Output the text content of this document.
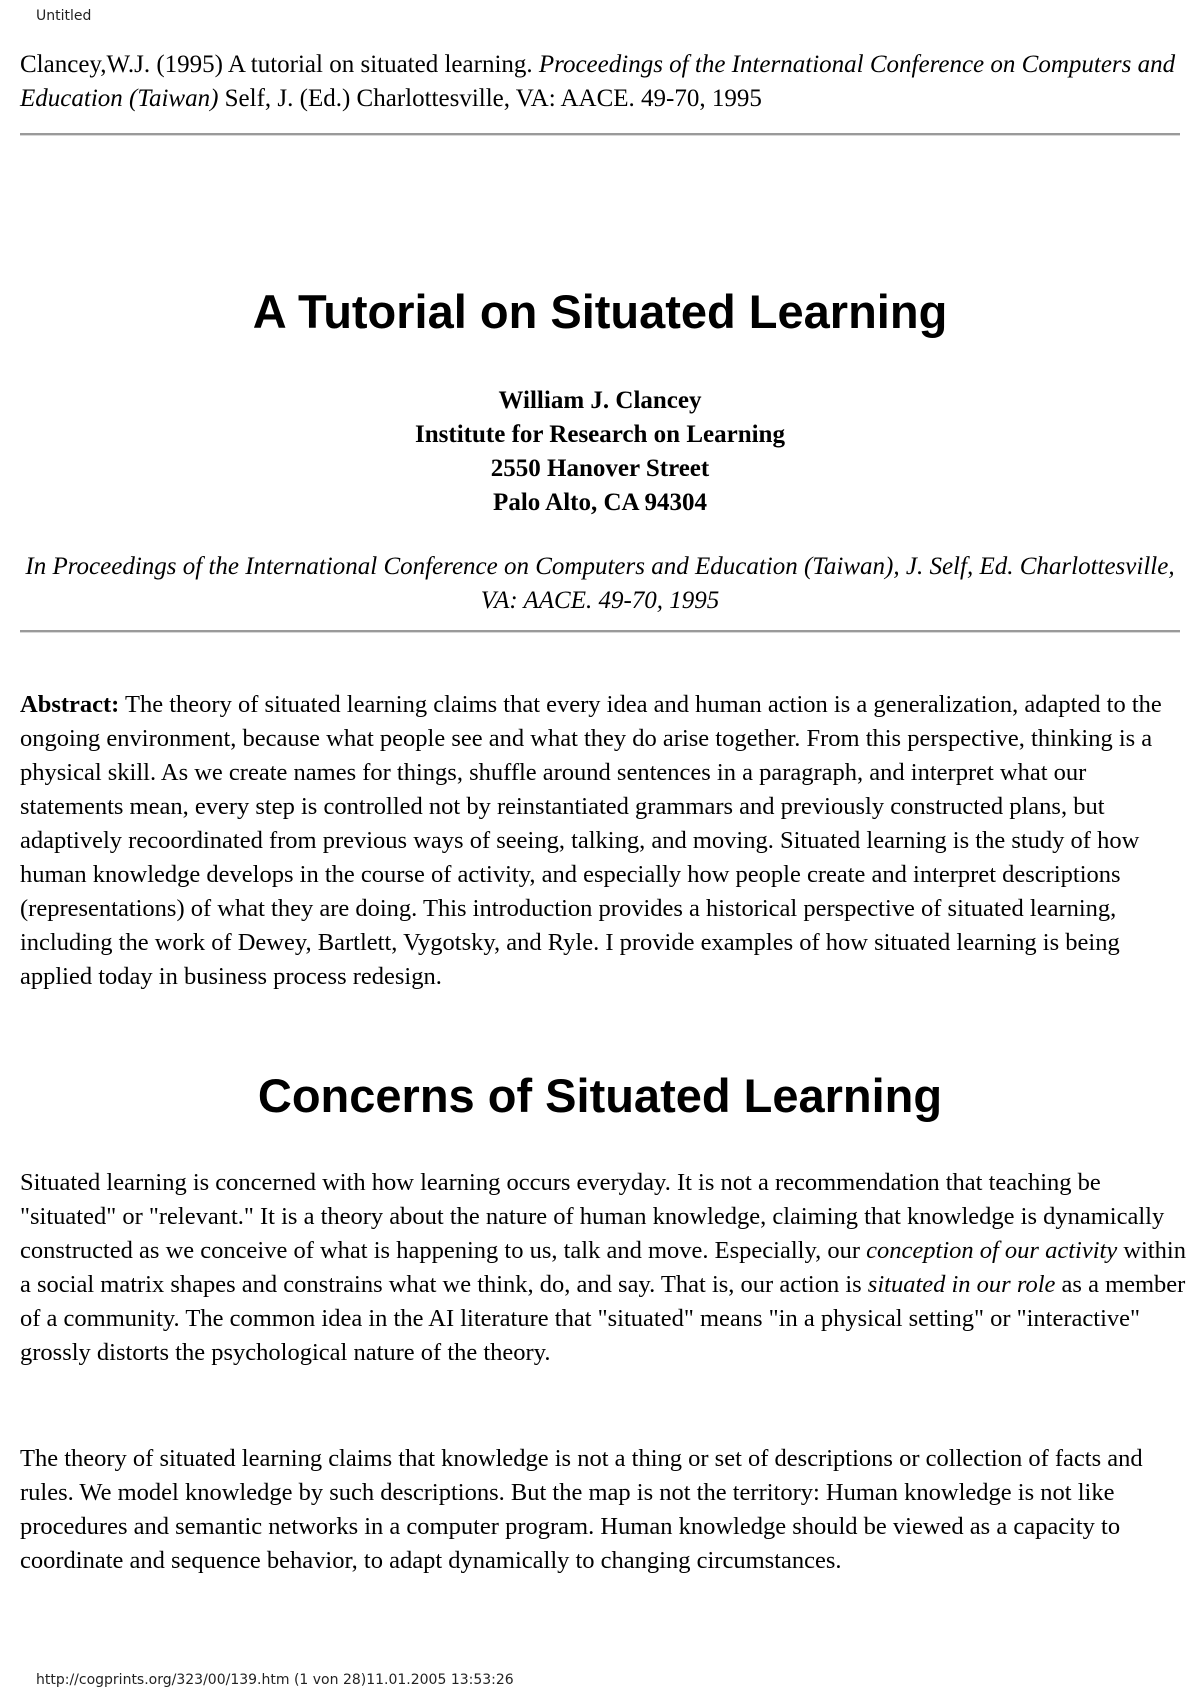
Untitled
Clancey,W.J. (1995) A tutorial on situated learning. Proceedings of the International Conference on Computers and Education (Taiwan) Self, J. (Ed.) Charlottesville, VA: AACE. 49-70, 1995
A Tutorial on Situated Learning
William J. Clancey
Institute for Research on Learning
2550 Hanover Street
Palo Alto, CA 94304
In Proceedings of the International Conference on Computers and Education (Taiwan), J. Self, Ed. Charlottesville, VA: AACE. 49-70, 1995

Abstract: The theory of situated learning claims that every idea and human action is a generalization, adapted to the ongoing environment, because what people see and what they do arise together. From this perspective, thinking is a physical skill. As we create names for things, shuffle around sentences in a paragraph, and interpret what our statements mean, every step is controlled not by reinstantiated grammars and previously constructed plans, but adaptively recoordinated from previous ways of seeing, talking, and moving. Situated learning is the study of how human knowledge develops in the course of activity, and especially how people create and interpret descriptions (representations) of what they are doing. This introduction provides a historical perspective of situated learning, including the work of Dewey, Bartlett, Vygotsky, and Ryle. I provide examples of how situated learning is being applied today in business process redesign.

Concerns of Situated Learning

Situated learning is concerned with how learning occurs everyday. It is not a recommendation that teaching be "situated" or "relevant." It is a theory about the nature of human knowledge, claiming that knowledge is dynamically constructed as we conceive of what is happening to us, talk and move. Especially, our conception of our activity within a social matrix shapes and constrains what we think, do, and say. That is, our action is situated in our role as a member of a community. The common idea in the AI literature that "situated" means "in a physical setting" or "interactive" grossly distorts the psychological nature of the theory.

The theory of situated learning claims that knowledge is not a thing or set of descriptions or collection of facts and rules. We model knowledge by such descriptions. But the map is not the territory: Human knowledge is not like procedures and semantic networks in a computer program. Human knowledge should be viewed as a capacity to coordinate and sequence behavior, to adapt dynamically to changing circumstances.

http://cogprints.org/323/00/139.htm (1 von 28)11.01.2005 13:53:26
